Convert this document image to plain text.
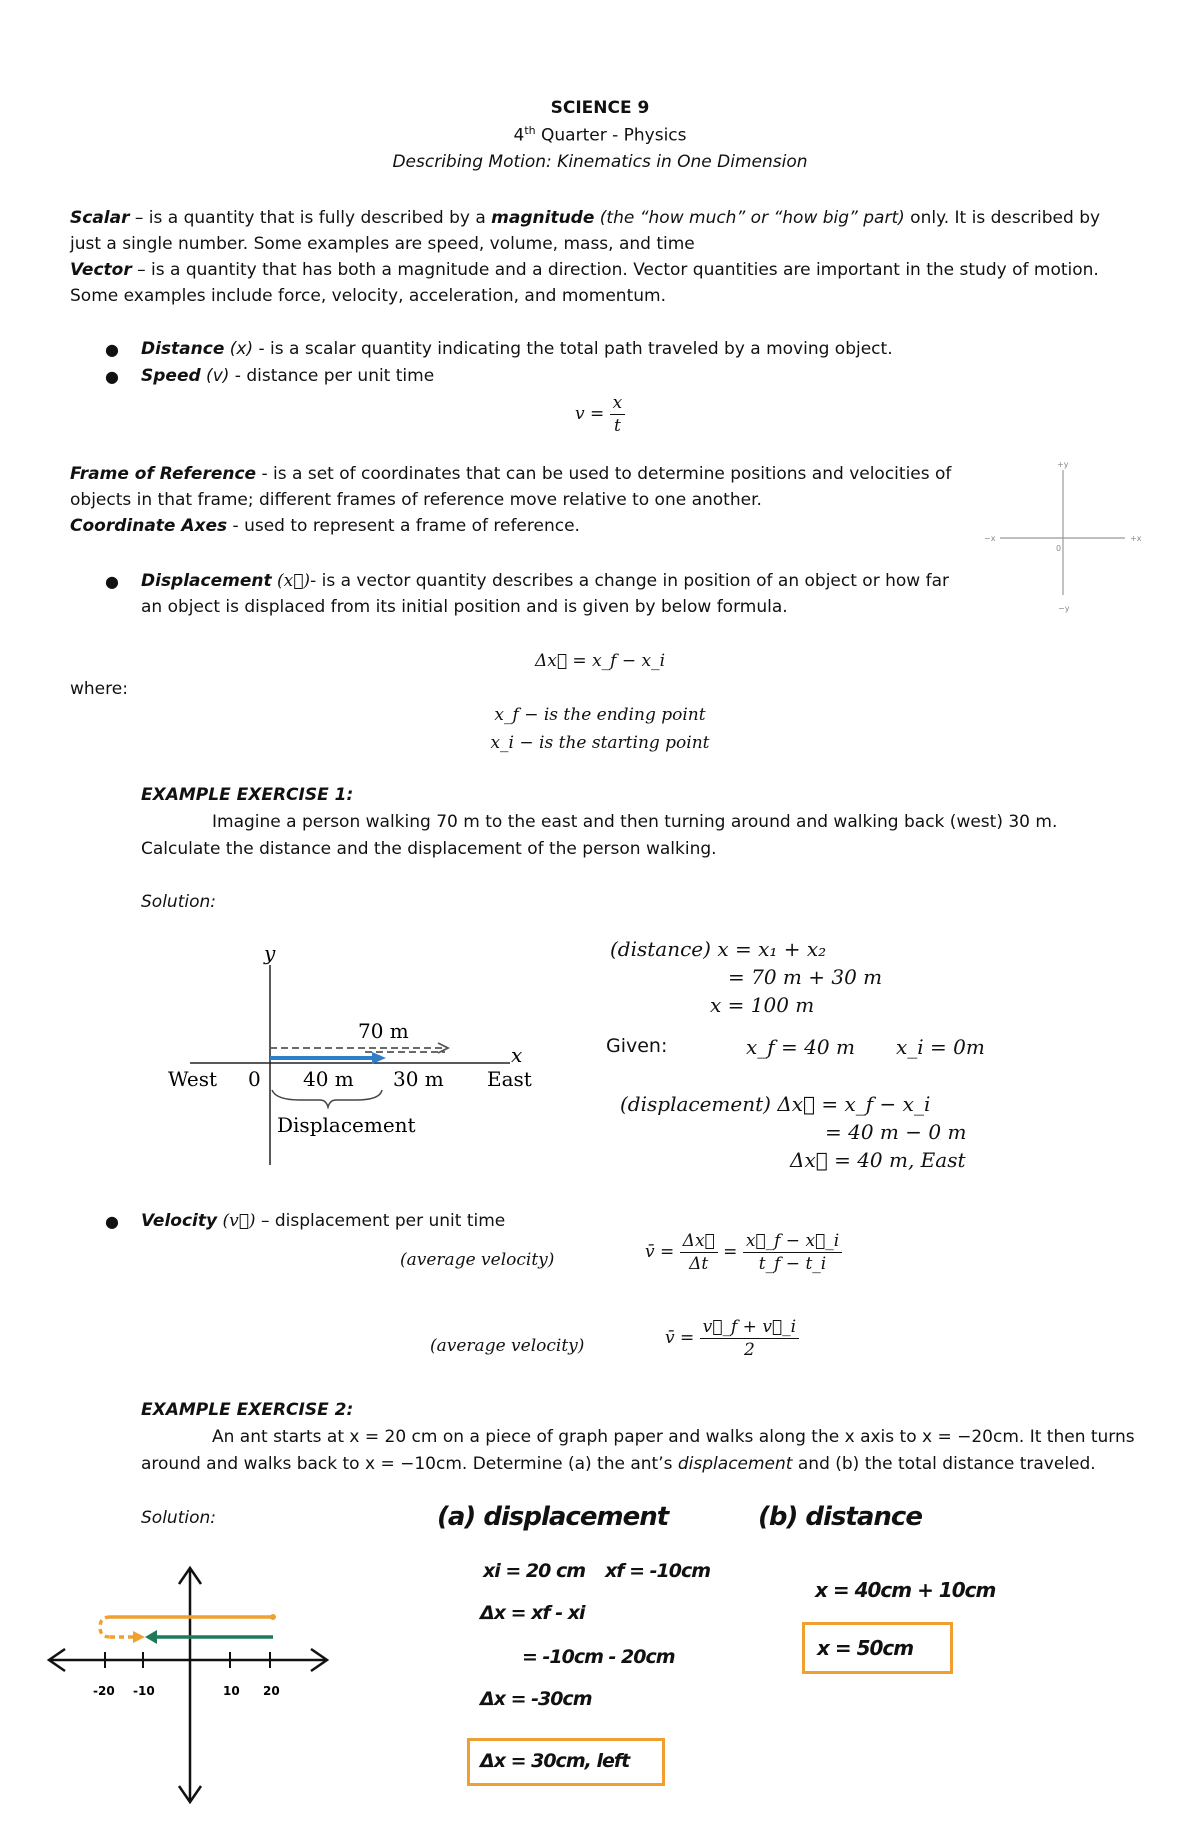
SCIENCE 9
4th Quarter - Physics
Describing Motion: Kinematics in One Dimension
Scalar – is a quantity that is fully described by a magnitude (the “how much” or “how big” part) only. It is described by
just a single number. Some examples are speed, volume, mass, and time
Vector – is a quantity that has both a magnitude and a direction. Vector quantities are important in the study of motion.
Some examples include force, velocity, acceleration, and momentum.
● Distance (x) - is a scalar quantity indicating the total path traveled by a moving object.
● Speed (v) - distance per unit time
$v = \frac{x}{t}$
Frame of Reference - is a set of coordinates that can be used to determine positions and velocities of
objects in that frame; different frames of reference move relative to one another.
Coordinate Axes - used to represent a frame of reference.
+y
−y
−x	+x
0
● Displacement (x⃗)- is a vector quantity describes a change in position of an object or how far
an object is displaced from its initial position and is given by below formula.
Δx⃗ = x_f − x_i
where:
x_f − is the ending point
x_i − is the starting point
EXAMPLE EXERCISE 1:
Imagine a person walking 70 m to the east and then turning around and walking back (west) 30 m.
Calculate the distance and the displacement of the person walking.
Solution:
y
x
West 0	East
70 m
40 m 30 m
Displacement
(distance) x = x₁ + x₂
= 70 m + 30 m
x = 100 m
Given:	x_f = 40 m x_i = 0m
(displacement) Δx⃗ = x_f − x_i
= 40 m − 0 m
Δx⃗ = 40 m, East
● Velocity (v⃗) – displacement per unit time
(average velocity)	v̄ = $\frac{\Delta x⃗}{\Delta t} = \frac{x⃗\_f - x⃗\_i}{t\_f - t\_i}$
(average velocity)	v̄ = $\frac{v⃗\_f + v⃗\_i}{2}$
EXAMPLE EXERCISE 2:
An ant starts at x = 20 cm on a piece of graph paper and walks along the x axis to x = −20cm. It then turns
around and walks back to x = −10cm. Determine (a) the ant’s displacement and (b) the total distance traveled.
Solution:
-20 -10	10 20
(a) displacement
xi = 20 cm xf = -10cm
Δx = xf - xi
= -10cm - 20cm
Δx = -30cm
Δx = 30cm, left
(b) distance
x = 40cm + 10cm
x = 50cm
